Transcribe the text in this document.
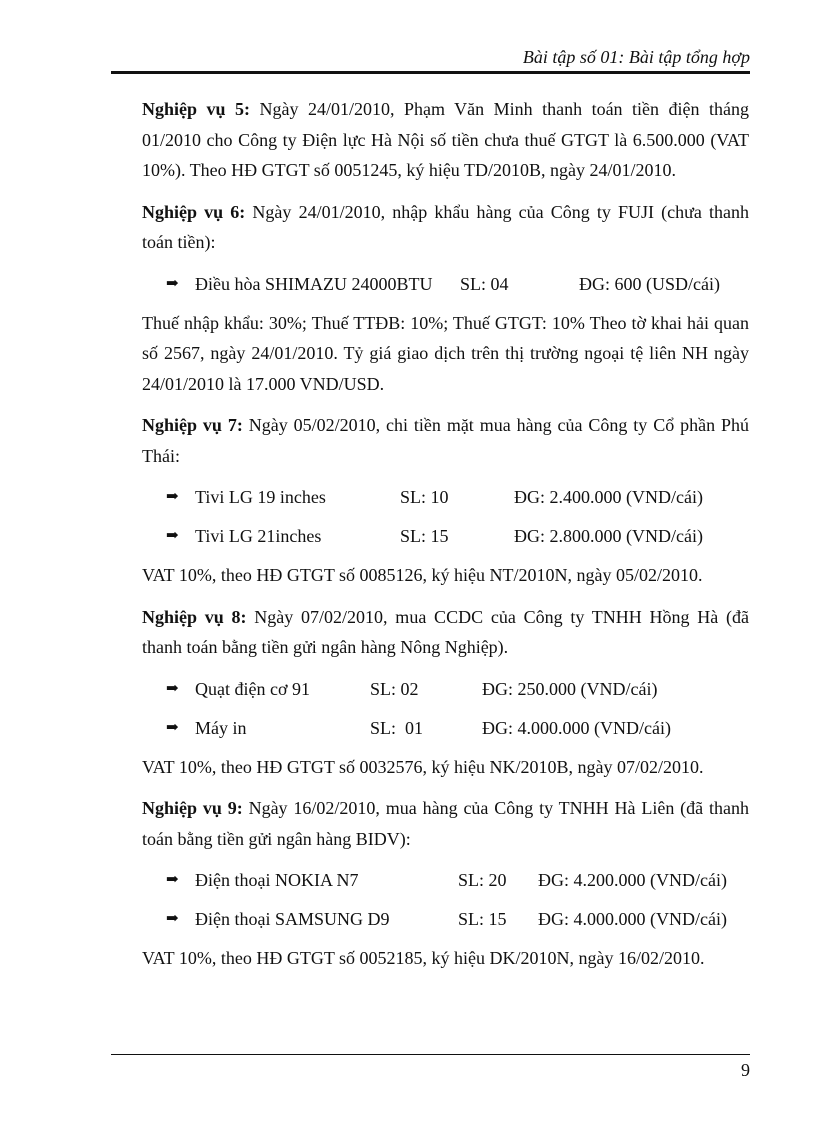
Bài tập số 01: Bài tập tổng hợp

Nghiệp vụ 5: Ngày 24/01/2010, Phạm Văn Minh thanh toán tiền điện tháng 01/2010 cho Công ty Điện lực Hà Nội số tiền chưa thuế GTGT là 6.500.000 (VAT 10%). Theo HĐ GTGT số 0051245, ký hiệu TD/2010B, ngày 24/01/2010.

Nghiệp vụ 6: Ngày 24/01/2010, nhập khẩu hàng của Công ty FUJI (chưa thanh toán tiền):

➡ Điều hòa SHIMAZU 24000BTU SL: 04	ĐG: 600 (USD/cái)

Thuế nhập khẩu: 30%; Thuế TTĐB: 10%; Thuế GTGT: 10% Theo tờ khai hải quan số 2567, ngày 24/01/2010. Tỷ giá giao dịch trên thị trường ngoại tệ liên NH ngày 24/01/2010 là 17.000 VND/USD.

Nghiệp vụ 7: Ngày 05/02/2010, chi tiền mặt mua hàng của Công ty Cổ phần Phú Thái:

➡ Tivi LG 19 inches	SL: 10	ĐG: 2.400.000 (VND/cái)
➡ Tivi LG 21inches	SL: 15	ĐG: 2.800.000 (VND/cái)

VAT 10%, theo HĐ GTGT số 0085126, ký hiệu NT/2010N, ngày 05/02/2010.

Nghiệp vụ 8: Ngày 07/02/2010, mua CCDC của Công ty TNHH Hồng Hà (đã thanh toán bằng tiền gửi ngân hàng Nông Nghiệp).

➡ Quạt điện cơ 91	SL: 02	ĐG: 250.000 (VND/cái)
➡ Máy in	SL:  01	ĐG: 4.000.000 (VND/cái)

VAT 10%, theo HĐ GTGT số 0032576, ký hiệu NK/2010B, ngày 07/02/2010.

Nghiệp vụ 9: Ngày 16/02/2010, mua hàng của Công ty TNHH Hà Liên (đã thanh toán bằng tiền gửi ngân hàng BIDV):

➡ Điện thoại NOKIA N7	SL: 20 ĐG: 4.200.000 (VND/cái)
➡ Điện thoại SAMSUNG D9	SL: 15 ĐG: 4.000.000 (VND/cái)

VAT 10%, theo HĐ GTGT số 0052185, ký hiệu DK/2010N, ngày 16/02/2010.

9
